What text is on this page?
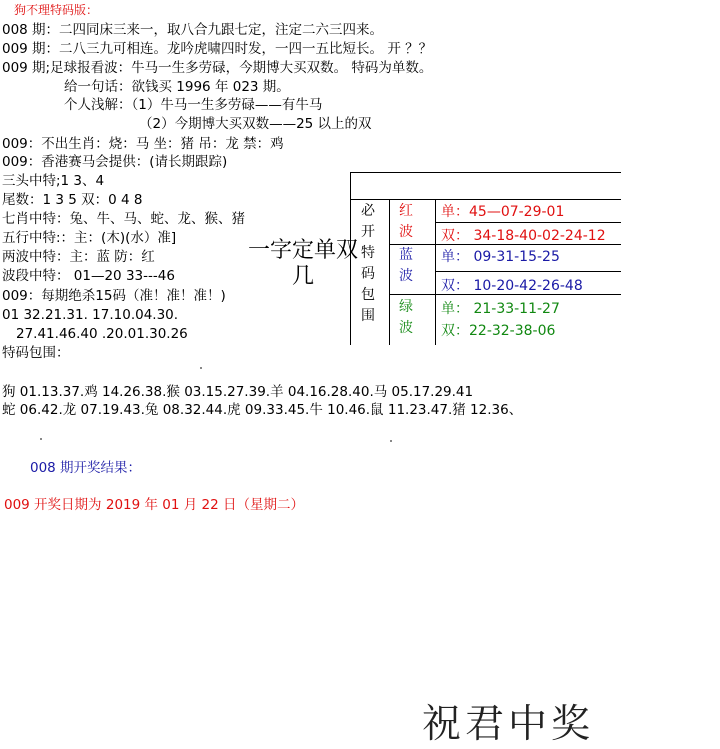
狗不理特码版：
008 期：二四同床三来一，取八合九跟七定，注定二六三四来。
009 期：二八三九可相连。龙吟虎啸四时发，一四一五比短长。 开 ？？
009 期;足球报看波：牛马一生多劳碌，今期博大买双数。 特码为单数。
给一句话：欲钱买 1996 年 023 期。
个人浅解：（1）牛马一生多劳碌——有牛马
（2）今期博大买双数——25 以上的双
009：不出生肖：烧：马 坐：猪 吊：龙 禁：鸡
009：香港赛马会提供：(请长期跟踪)
三头中特;1 3、4
尾数：1 3 5 双：0 4 8
七肖中特：兔、牛、马、蛇、龙、猴、猪
五行中特:：主：(木)(水）准]
两波中特：主：蓝 防：红
波段中特： 01—20 33---46
009：每期绝杀15码（准！准！准！)
01 32.21.31. 17.10.04.30.
27.41.46.40 .20.01.30.26
特码包围：
狗 01.13.37.鸡 14.26.38.猴 03.15.27.39.羊 04.16.28.40.马 05.17.29.41
蛇 06.42.龙 07.19.43.兔 08.32.44.虎 09.33.45.牛 10.46.鼠 11.23.47.猪 12.36、
008 期开奖结果：
009 开奖日期为 2019 年 01 月 22 日（星期二）
必开特码包围
红波
蓝波
绿波
单：45—07-29-01
双： 34-18-40-02-24-12
单： 09-31-15-25
双： 10-20-42-26-48
单： 21-33-11-27
双：22-32-38-06
一字定单双几
祝君中奖
